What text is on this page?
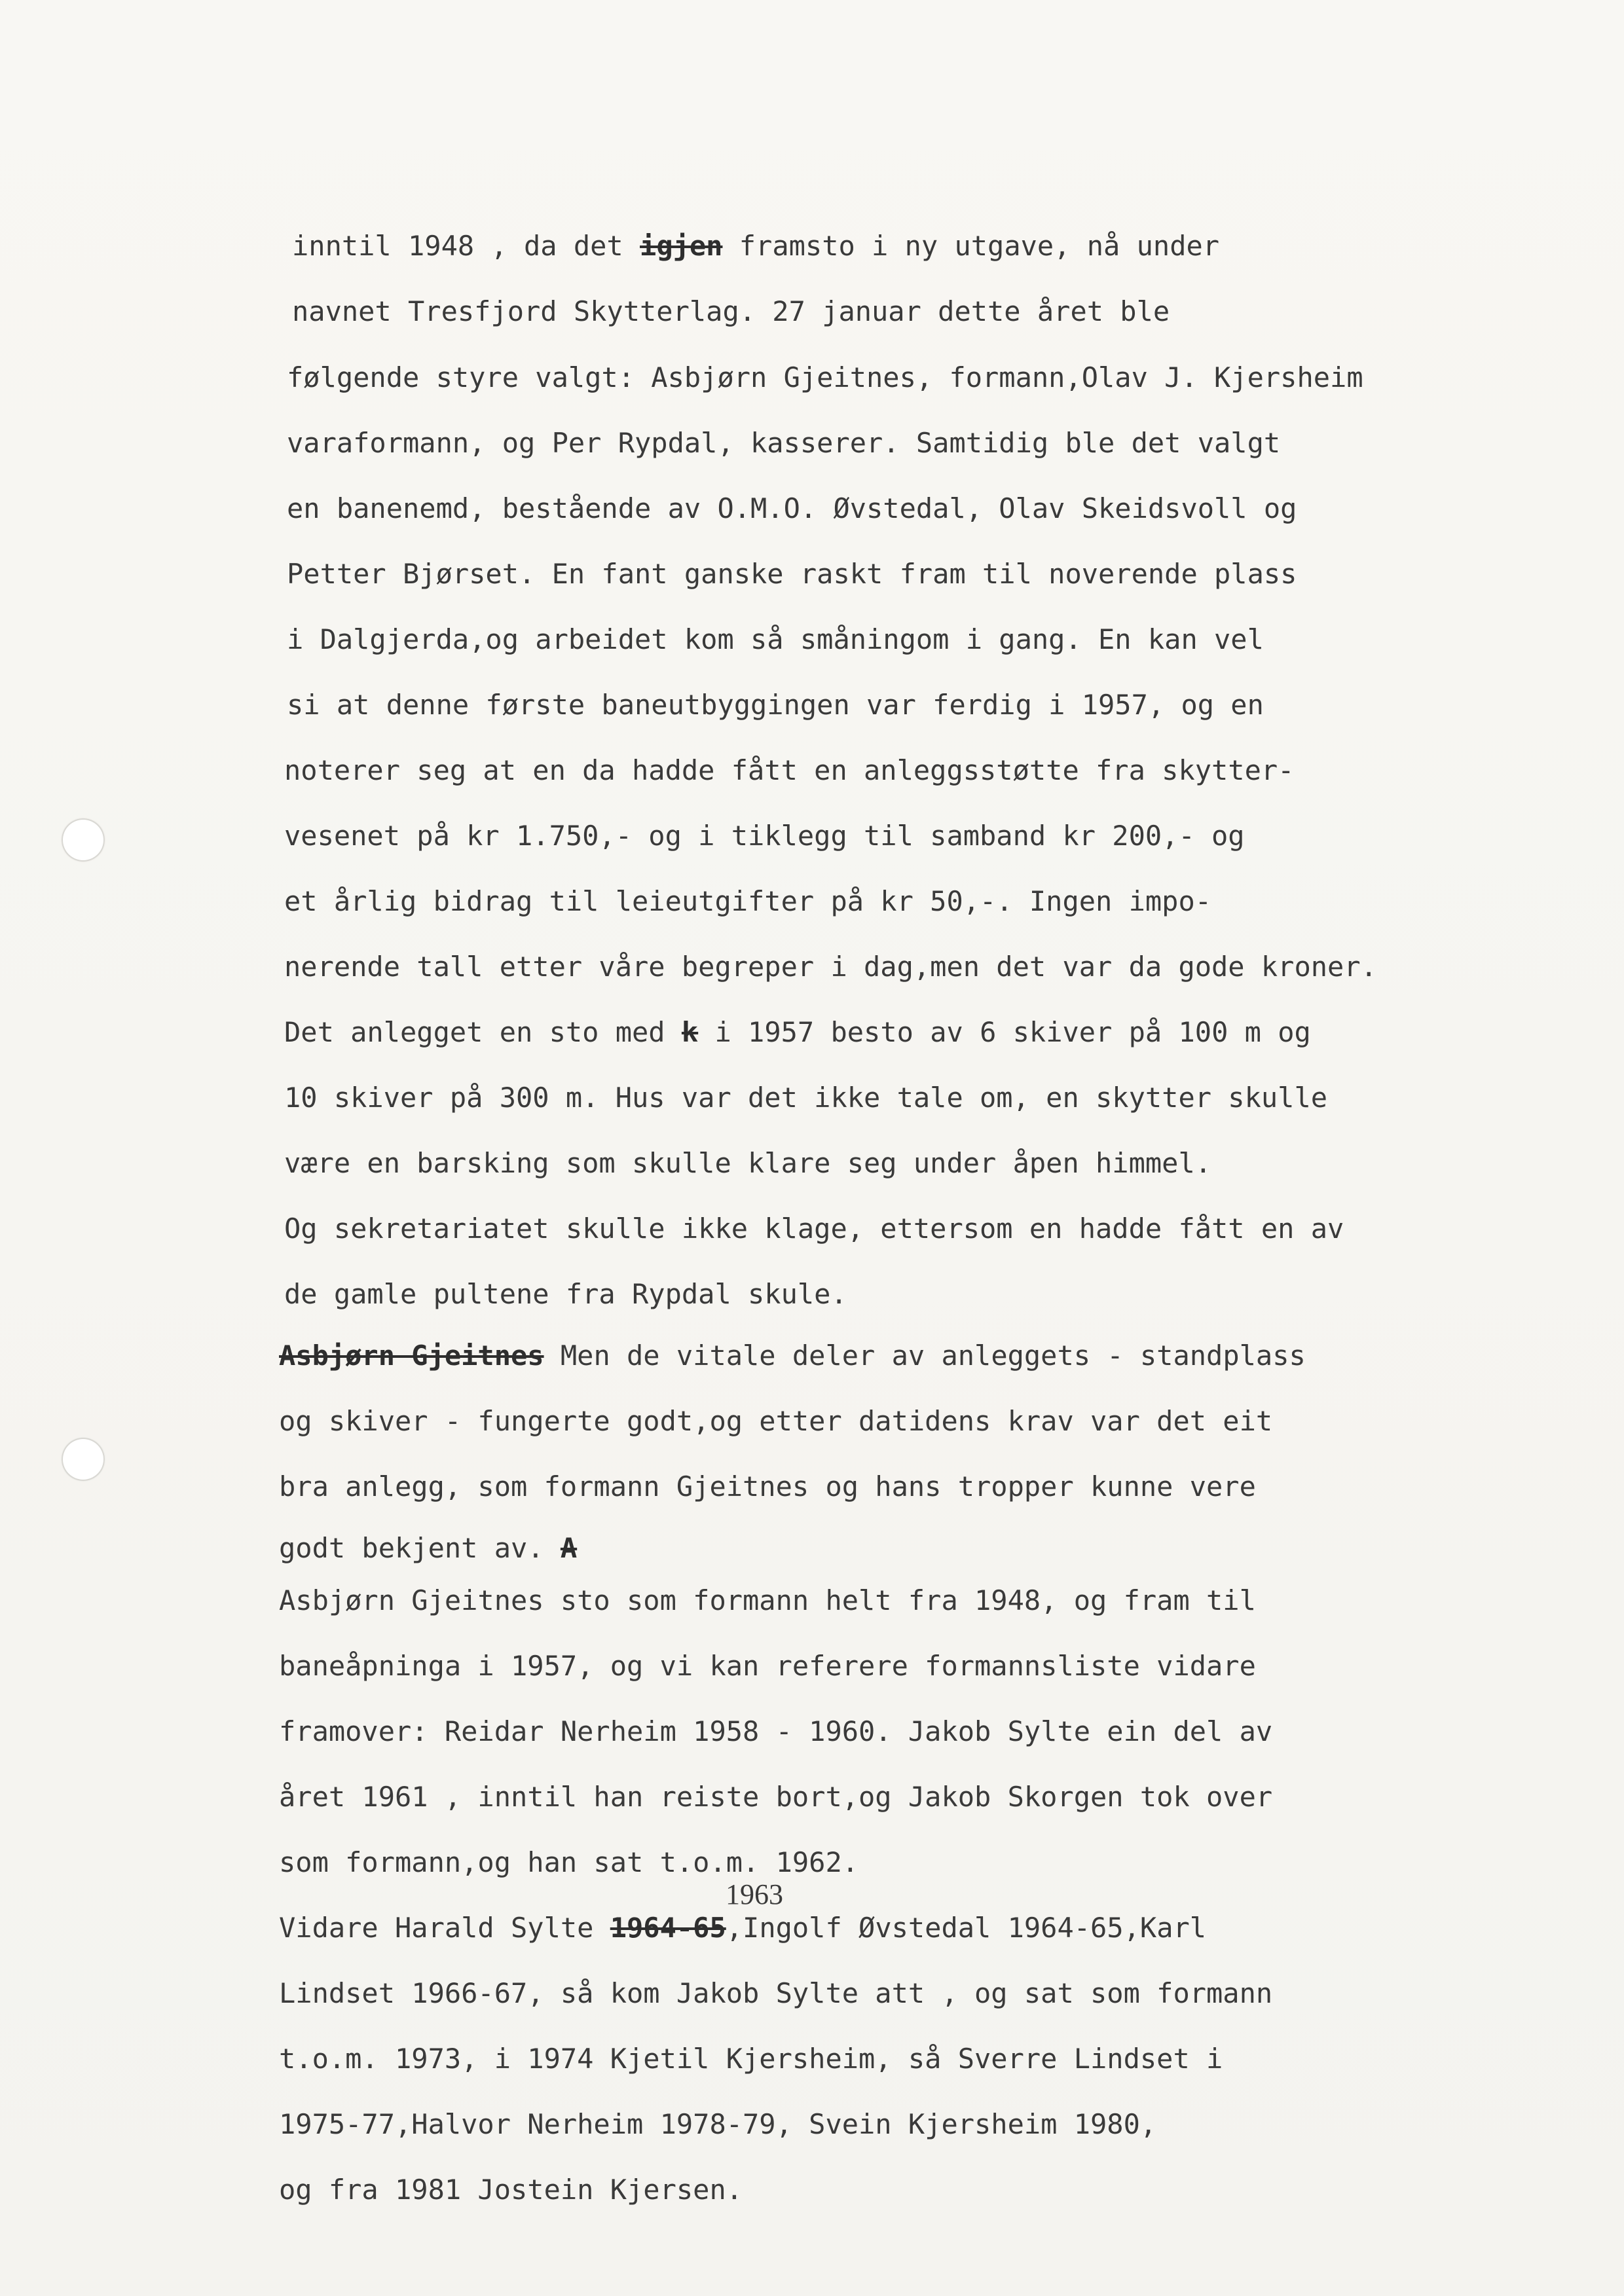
inntil 1948 , da det igjen framsto i ny utgave, nå under

navnet Tresfjord Skytterlag. 27 januar dette året ble

følgende styre valgt: Asbjørn Gjeitnes, formann,Olav J. Kjersheim

varaformann, og Per Rypdal, kasserer. Samtidig ble det valgt

en banenemd, bestående av O.M.O. Øvstedal, Olav Skeidsvoll og

Petter Bjørset. En fant ganske raskt fram til noverende plass

i Dalgjerda,og arbeidet kom så småningom i gang. En kan vel

si at denne første baneutbyggingen var ferdig i 1957, og en

noterer seg at en da hadde fått en anleggsstøtte fra skytter-

vesenet på kr 1.750,- og i tiklegg til samband kr 200,- og

et årlig bidrag til leieutgifter på kr 50,-. Ingen impo-

nerende tall etter våre begreper i dag,men det var da gode kroner.

Det anlegget en sto med k i 1957 besto av 6 skiver på 100 m og

10 skiver på 300 m. Hus var det ikke tale om, en skytter skulle

være en barsking som skulle klare seg under åpen himmel.

Og sekretariatet skulle ikke klage, ettersom en hadde fått en av

de gamle pultene fra Rypdal skule.

Asbjørn Gjeitnes Men de vitale deler av anleggets - standplass

og skiver - fungerte godt,og etter datidens krav var det eit

bra anlegg, som formann Gjeitnes og hans tropper kunne vere

godt bekjent av. A

Asbjørn Gjeitnes sto som formann helt fra 1948, og fram til

baneåpninga i 1957, og vi kan referere formannsliste vidare

framover: Reidar Nerheim 1958 - 1960. Jakob Sylte ein del av

året 1961 , inntil han reiste bort,og Jakob Skorgen tok over

som formann,og han sat t.o.m. 1962.

Vidare Harald Sylte 1964-65,Ingolf Øvstedal 1964-65,Karl

Lindset 1966-67, så kom Jakob Sylte att , og sat som formann

t.o.m. 1973, i 1974 Kjetil Kjersheim, så Sverre Lindset i

1975-77,Halvor Nerheim 1978-79, Svein Kjersheim 1980,

og fra 1981 Jostein Kjersen.

1963
